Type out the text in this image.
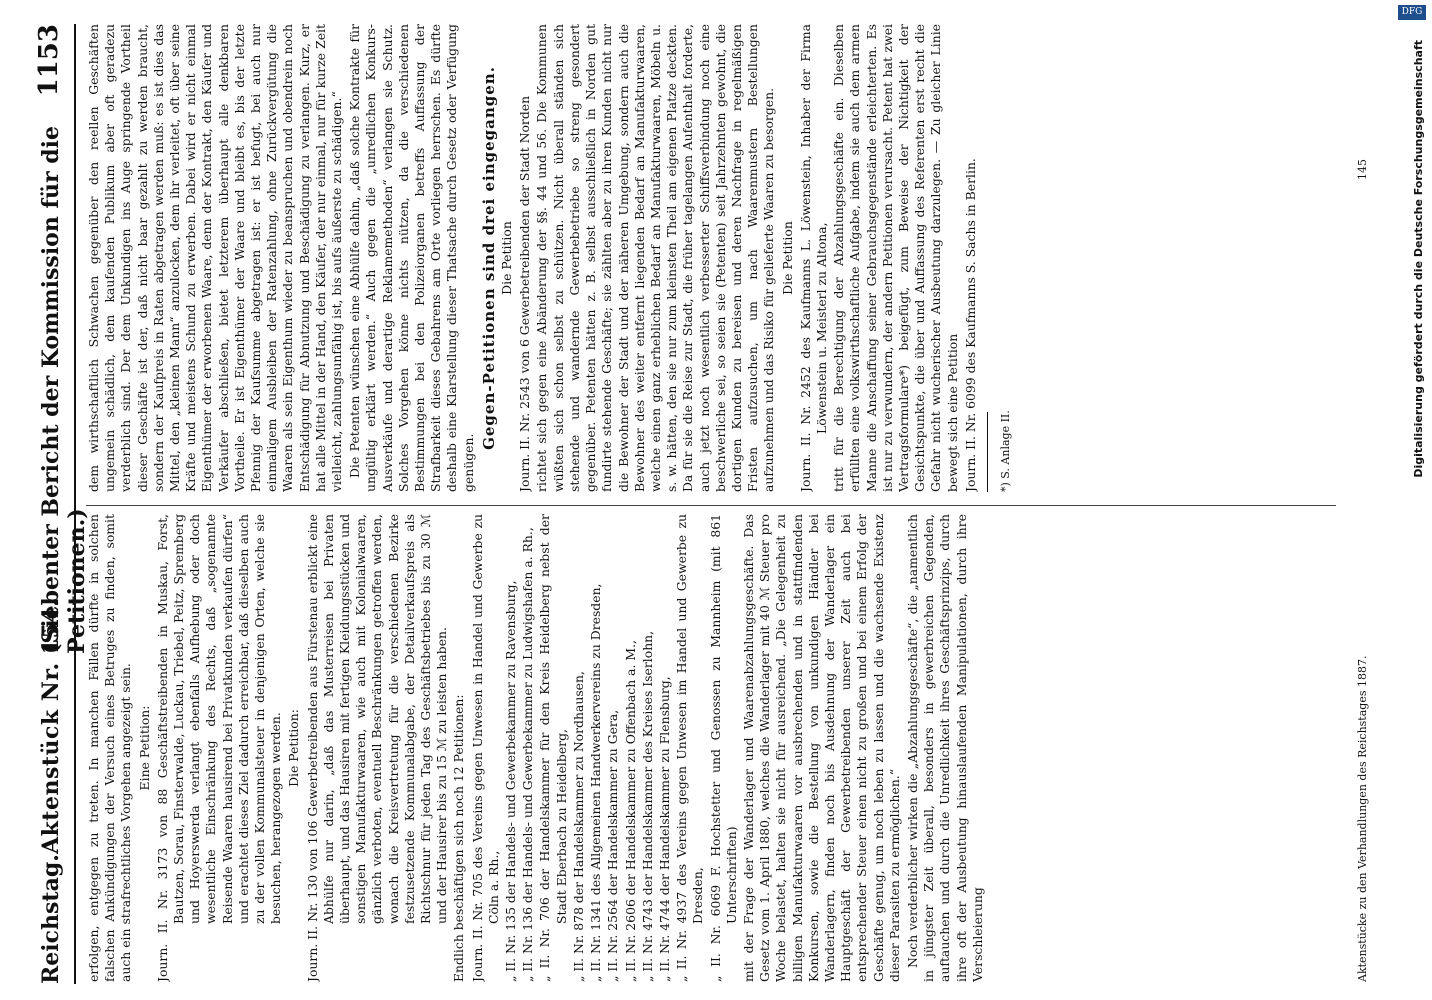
Reichstag.
Aktenstück Nr. 154.
(Siebenter Bericht der Kommission für die Petitionen.)
1153

erfolgen, entgegen zu treten. In manchen Fällen dürfte in solchen falschen Ankündigungen der Versuch eines Betruges zu finden, somit auch ein strafrechtliches Vorgehen angezeigt sein. Eine Petition: Journ. II. Nr. 3173 von 88 Geschäftstreibenden in Muskau, Forst, Bautzen, Sorau, Finsterwalde, Luckau, Triebel, Peitz, Spremberg und Hoyerswerda verlangt ebenfalls Aufhebung oder doch wesentliche Einschränkung des Rechts, daß „sogenannte Reisende Waaren hausirend bei Privatkunden verkaufen dürfen“ und erachtet dieses Ziel dadurch erreichbar, daß dieselben auch zu der vollen Kommunalsteuer in denjenigen Orten, welche sie besuchen, herangezogen werden. Die Petition: Journ. II. Nr. 130 von 106 Gewerbetreibenden aus Fürstenau erblickt eine Abhülfe nur darin, „daß das Musterreisen bei Privaten überhaupt, und das Hausiren mit fertigen Kleidungsstücken und sonstigen Manufakturwaaren, wie auch mit Kolonialwaaren, gänzlich verboten, eventuell Beschränkungen getroffen werden, wonach die Kreisvertretung für die verschiedenen Bezirke festzusetzende Kommunalabgabe, der Detailverkaufspreis als Richtschnur für jeden Tag des Geschäftsbetriebes bis zu 30 ℳ und der Hausirer bis zu 15 ℳ zu leisten haben. Endlich beschäftigen sich noch 12 Petitionen: Journ. II. Nr. 705 des Vereins gegen Unwesen in Handel und Gewerbe zu Cöln a. Rh., „ II. Nr. 135 der Handels- und Gewerbekammer zu Ravensburg, „ II. Nr. 136 der Handels- und Gewerbekammer zu Ludwigshafen a. Rh., „ II. Nr. 706 der Handelskammer für den Kreis Heidelberg nebst der Stadt Eberbach zu Heidelberg, „ II. Nr. 878 der Handelskammer zu Nordhausen, „ II. Nr. 1341 des Allgemeinen Handwerkervereins zu Dresden, „ II. Nr. 2564 der Handelskammer zu Gera, „ II. Nr. 2606 der Handelskammer zu Offenbach a. M., „ II. Nr. 4743 der Handelskammer des Kreises Iserlohn, „ II. Nr. 4744 der Handelskammer zu Flensburg, „ II. Nr. 4937 des Vereins gegen Unwesen im Handel und Gewerbe zu Dresden, „ II. Nr. 6069 F. Hochstetter und Genossen zu Mannheim (mit 861 Unterschriften) mit der Frage der Wanderlager und Waarenabzahlungsgeschäfte. Das Gesetz vom 1. April 1880, welches die Wanderlager mit 40 ℳ Steuer pro Woche belastet, halten sie nicht für ausreichend. „Die Gelegenheit zu billigen Manufakturwaaren vor ausbrechenden und in stattfindenden Konkursen, sowie die Bestellung von unkundigen Händler bei Wanderlagern, finden noch bis Ausdehnung der Wanderlager ein Hauptgeschäft der Gewerbetreibenden unserer Zeit auch bei entsprechender Steuer einen nicht zu großen und bei einem Erfolg der Geschäfte genug, um noch leben zu lassen und die wachsende Existenz dieser Parasiten zu ermöglichen.“ Noch verderblicher wirken die „Abzahlungsgeschäfte“, die „namentlich in jüngster Zeit überall, besonders in gewerbreichen Gegenden, auftauchen und durch die Unredlichkeit ihres Geschäftsprinzips, durch ihre oft der Ausbeutung hinauslaufenden Manipulationen, durch ihre Verschleierung

dem wirthschaftlich Schwachen gegenüber den reellen Geschäften ungemein schädlich, dem kaufenden Publikum aber oft geradezu verderblich sind. Der dem Unkundigen ins Auge springende Vortheil dieser Geschäfte ist der, daß nicht baar gezahlt zu werden braucht, sondern der Kaufpreis in Raten abgetragen werden muß: es ist dies das Mittel, den „kleinen Mann“ anzulocken, dem ihr verleitet, oft über seine Kräfte und meistens Schund zu erwerben. Dabei wird er nicht einmal Eigenthümer der erworbenen Waare, denn der Kontrakt, den Käufer und Verkäufer abschließen, bietet letzterem überhaupt alle denkbaren Vortheile. Er ist Eigenthümer der Waare und bleibt es, bis der letzte Pfennig der Kaufsumme abgetragen ist: er ist befugt, bei auch nur einmaligem Ausbleiben der Ratenzahlung, ohne Zurückvergütung die Waaren als sein Eigenthum wieder zu beanspruchen und obendrein noch Entschädigung für Abnutzung und Beschädigung zu verlangen. Kurz, er hat alle Mittel in der Hand, den Käufer, der nur einmal, nur für kurze Zeit vielleicht, zahlungsunfähig ist, bis aufs äußerste zu schädigen.“ Die Petenten wünschen eine Abhülfe dahin, „daß solche Kontrakte für ungültig erklärt werden.“ Auch gegen die „unredlichen Konkurs-Ausverkäufe und derartige Reklamemethoden“ verlangen sie Schutz. Solches Vorgehen könne nichts nützen, da die verschiedenen Bestimmungen bei den Polizeiorganen betreffs Auffassung der Strafbarkeit dieses Gebahrens am Orte vorliegen herrschen. Es dürfte deshalb eine Klarstellung dieser Thatsache durch Gesetz oder Verfügung genügen.

Gegen-Petitionen sind drei eingegangen. Die Petition Journ. II. Nr. 2543 von 6 Gewerbetreibenden der Stadt Norden richtet sich gegen eine Abänderung der §§. 44 und 56. Die Kommunen wüßten sich schon selbst zu schützen. Nicht überall ständen sich stehende und wandernde Gewerbebetriebe so streng gesondert gegenüber. Petenten hätten z. B. selbst ausschließlich in Norden gut fundirte stehende Geschäfte; sie zählten aber zu ihren Kunden nicht nur die Bewohner der Stadt und der näheren Umgebung, sondern auch die Bewohner des weiter entfernt liegenden Bedarf an Manufakturwaaren, welche einen ganz erheblichen Bedarf an Manufakturwaaren, Möbeln u. s. w. hätten, den sie nur zum kleinsten Theil am eigenen Platze deckten. Da für sie die Reise zur Stadt, die früher tagelangen Aufenthalt forderte, auch jetzt noch wesentlich verbesserter Schiffsverbindung noch eine beschwerliche sei, so seien sie (Petenten) seit Jahrzehnten gewohnt, die dortigen Kunden zu bereisen und deren Nachfrage in regelmäßigen Fristen aufzusuchen, um nach Waarenmustern Bestellungen aufzunehmen und das Risiko für gelieferte Waaren zu besorgen. Die Petition Journ. II. Nr. 2452 des Kaufmanns L. Löwenstein, Inhaber der Firma Löwenstein u. Meisterl zu Altona, tritt für die Berechtigung der Abzahlungsgeschäfte ein. Dieselben erfüllten eine volkswirthschaftliche Aufgabe, indem sie auch dem armen Manne die Anschaffung seiner Gebrauchsgegenstände erleichterten. Es ist nur zu verwundern, der andern Petitionen verursacht. Petent hat zwei Vertragsformulare*) beigefügt, zum Beweise der Nichtigkeit der Gesichtspunkte, die über und Auffassung des Referenten erst recht die Gefahr nicht wucherischer Ausbeutung darzulegen. — Zu gleicher Linie bewegt sich eine Petition Journ. II. Nr. 6099 des Kaufmanns S. Sachs in Berlin. *) S. Anlage II.

Aktenstücke zu den Verhandlungen des Reichstages 1887.
145	Digitalisierung gefördert durch die Deutsche Forschungsgemeinschaft
DFG
